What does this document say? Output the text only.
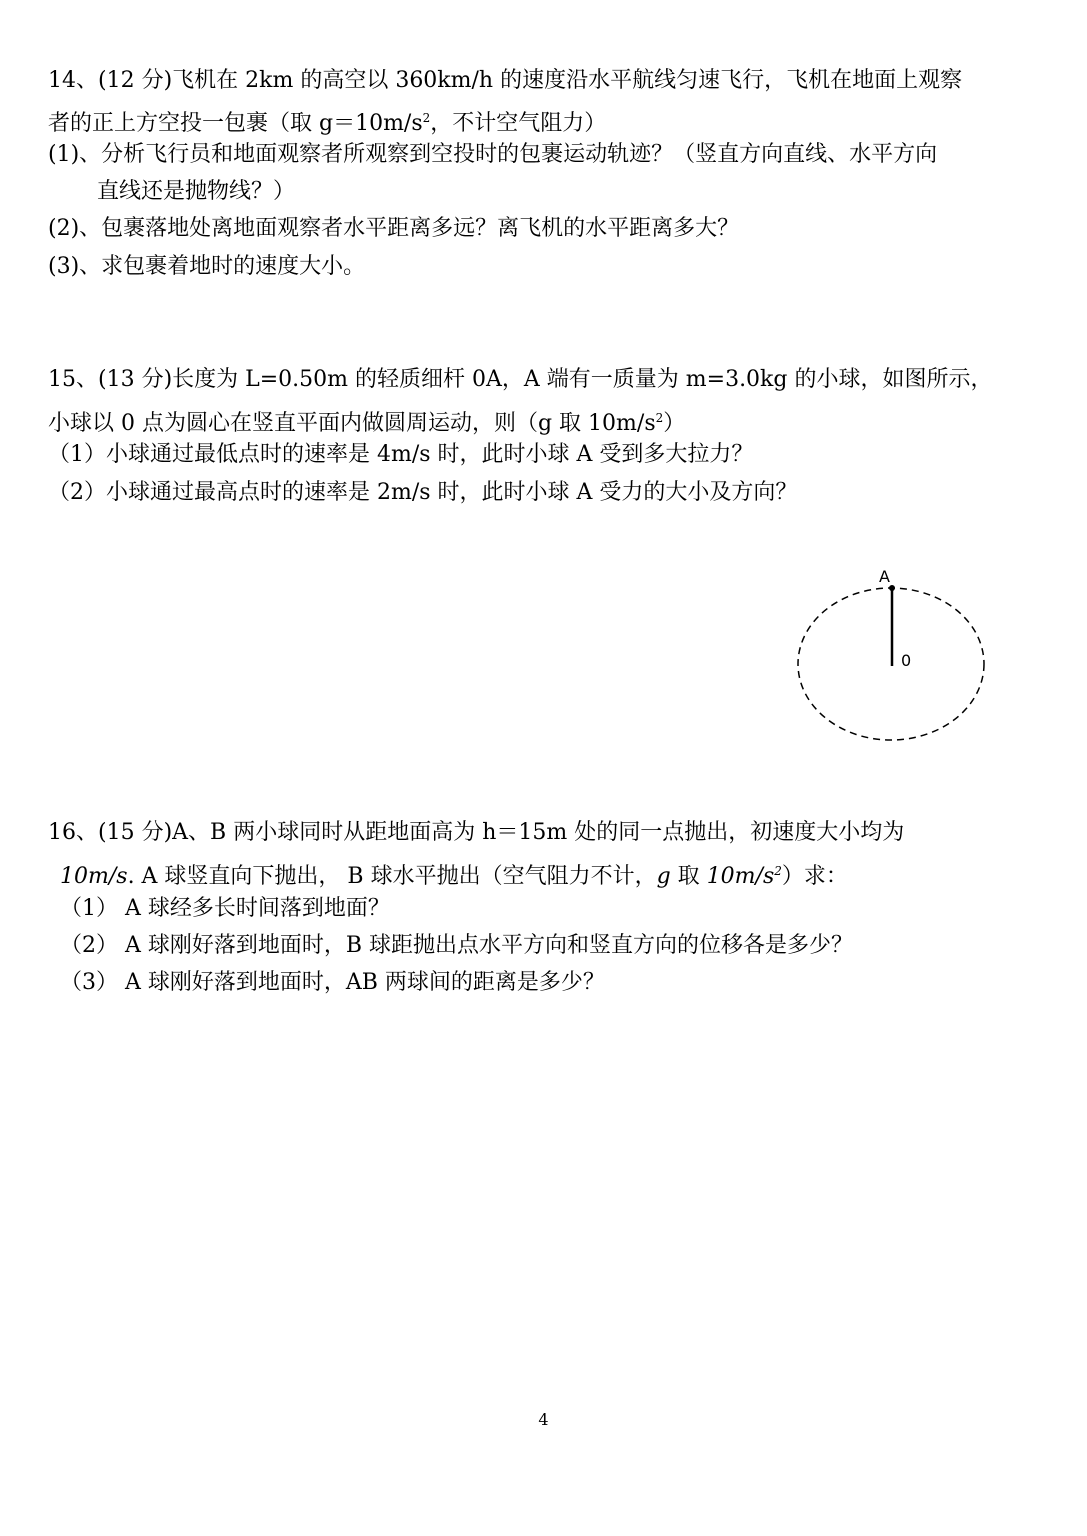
14、(12 分)飞机在 2km 的高空以 360km/h 的速度沿水平航线匀速飞行，飞机在地面上观察
者的正上方空投一包裹（取 $g=10m/s^2$，不计空气阻力）
(1)、分析飞行员和地面观察者所观察到空投时的包裹运动轨迹？（竖直方向直线、水平方向
直线还是抛物线？）
(2)、包裹落地处离地面观察者水平距离多远？离飞机的水平距离多大？
(3)、求包裹着地时的速度大小。
15、(13 分)长度为 L=0.50m 的轻质细杆 0A，A 端有一质量为 m=3.0kg 的小球，如图所示，
小球以 0 点为圆心在竖直平面内做圆周运动，则（g 取 $10m/s^2$）
（1）小球通过最低点时的速率是 4m/s 时，此时小球 A 受到多大拉力？
（2）小球通过最高点时的速率是 2m/s 时，此时小球 A 受力的大小及方向？
A
0
16、(15 分)A、B 两小球同时从距地面高为 h＝15m 处的同一点抛出，初速度大小均为
10m/s. A 球竖直向下抛出， B 球水平抛出（空气阻力不计，g 取 $10m/s^2$）求：
（1） A 球经多长时间落到地面？
（2） A 球刚好落到地面时，B 球距抛出点水平方向和竖直方向的位移各是多少？
（3） A 球刚好落到地面时，AB 两球间的距离是多少？
4
